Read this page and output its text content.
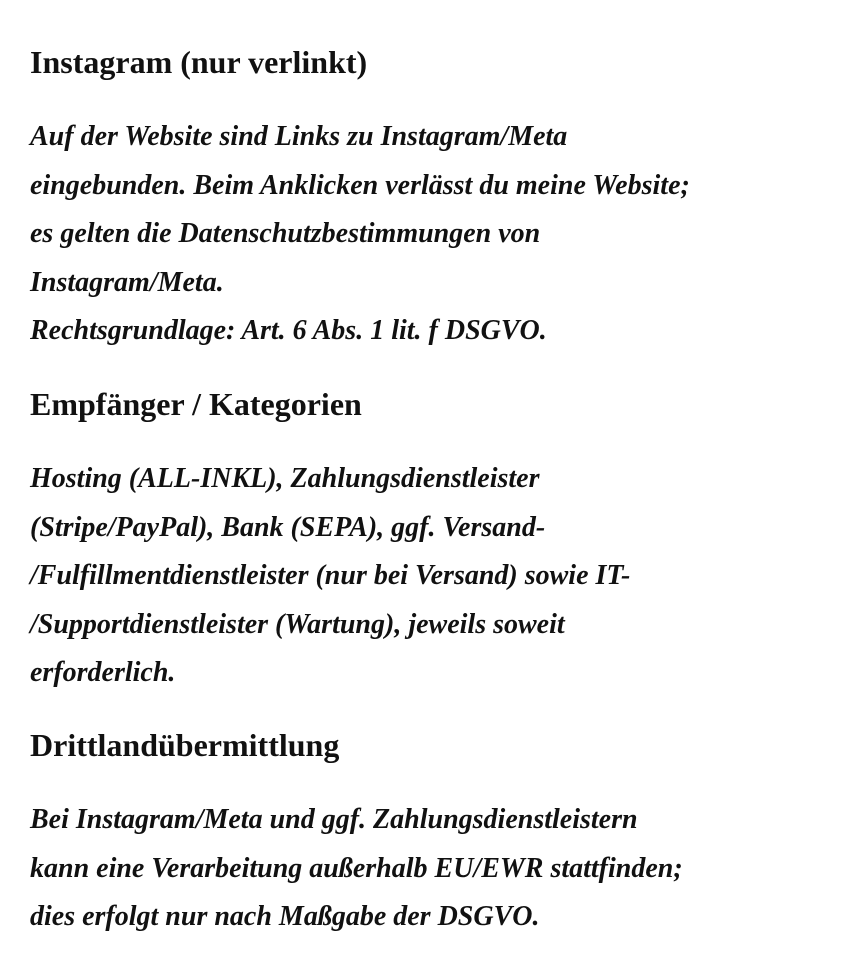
Instagram (nur verlinkt)

Auf der Website sind Links zu Instagram/Meta
eingebunden. Beim Anklicken verlässt du meine Website;
es gelten die Datenschutzbestimmungen von
Instagram/Meta.
Rechtsgrundlage: Art. 6 Abs. 1 lit. f DSGVO.

Empfänger / Kategorien

Hosting (ALL-INKL), Zahlungsdienstleister
(Stripe/PayPal), Bank (SEPA), ggf. Versand-
/Fulfillmentdienstleister (nur bei Versand) sowie IT-
/Supportdienstleister (Wartung), jeweils soweit
erforderlich.

Drittlandübermittlung

Bei Instagram/Meta und ggf. Zahlungsdienstleistern
kann eine Verarbeitung außerhalb EU/EWR stattfinden;
dies erfolgt nur nach Maßgabe der DSGVO.
